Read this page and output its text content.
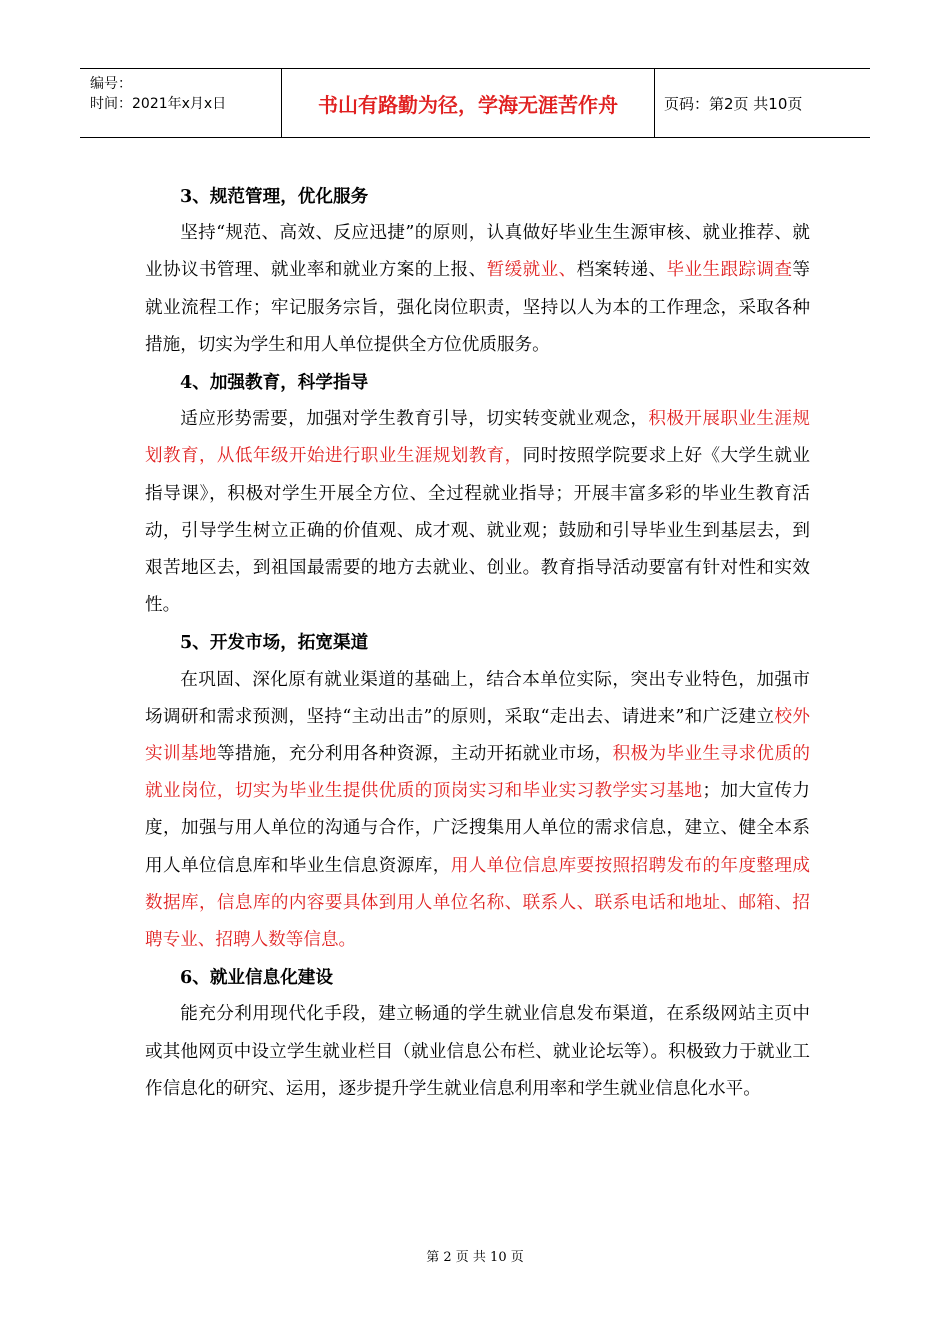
编号：
时间：2021年x月x日	书山有路勤为径，学海无涯苦作舟	页码：第2页 共10页
3、规范管理，优化服务

坚持“规范、高效、反应迅捷”的原则，认真做好毕业生生源审核、就业推荐、就业协议书管理、就业率和就业方案的上报、暂缓就业、档案转递、毕业生跟踪调查等就业流程工作；牢记服务宗旨，强化岗位职责，坚持以人为本的工作理念，采取各种措施，切实为学生和用人单位提供全方位优质服务。

4、加强教育，科学指导

适应形势需要，加强对学生教育引导，切实转变就业观念，积极开展职业生涯规划教育，从低年级开始进行职业生涯规划教育，同时按照学院要求上好《大学生就业指导课》，积极对学生开展全方位、全过程就业指导；开展丰富多彩的毕业生教育活动，引导学生树立正确的价值观、成才观、就业观；鼓励和引导毕业生到基层去，到艰苦地区去，到祖国最需要的地方去就业、创业。教育指导活动要富有针对性和实效性。

5、开发市场，拓宽渠道

在巩固、深化原有就业渠道的基础上，结合本单位实际，突出专业特色，加强市场调研和需求预测，坚持“主动出击”的原则，采取“走出去、请进来”和广泛建立校外实训基地等措施，充分利用各种资源，主动开拓就业市场，积极为毕业生寻求优质的就业岗位，切实为毕业生提供优质的顶岗实习和毕业实习教学实习基地；加大宣传力度，加强与用人单位的沟通与合作，广泛搜集用人单位的需求信息，建立、健全本系用人单位信息库和毕业生信息资源库，用人单位信息库要按照招聘发布的年度整理成数据库，信息库的内容要具体到用人单位名称、联系人、联系电话和地址、邮箱、招聘专业、招聘人数等信息。

6、就业信息化建设

能充分利用现代化手段，建立畅通的学生就业信息发布渠道，在系级网站主页中或其他网页中设立学生就业栏目（就业信息公布栏、就业论坛等）。积极致力于就业工作信息化的研究、运用，逐步提升学生就业信息利用率和学生就业信息化水平。

第 2 页 共 10 页
